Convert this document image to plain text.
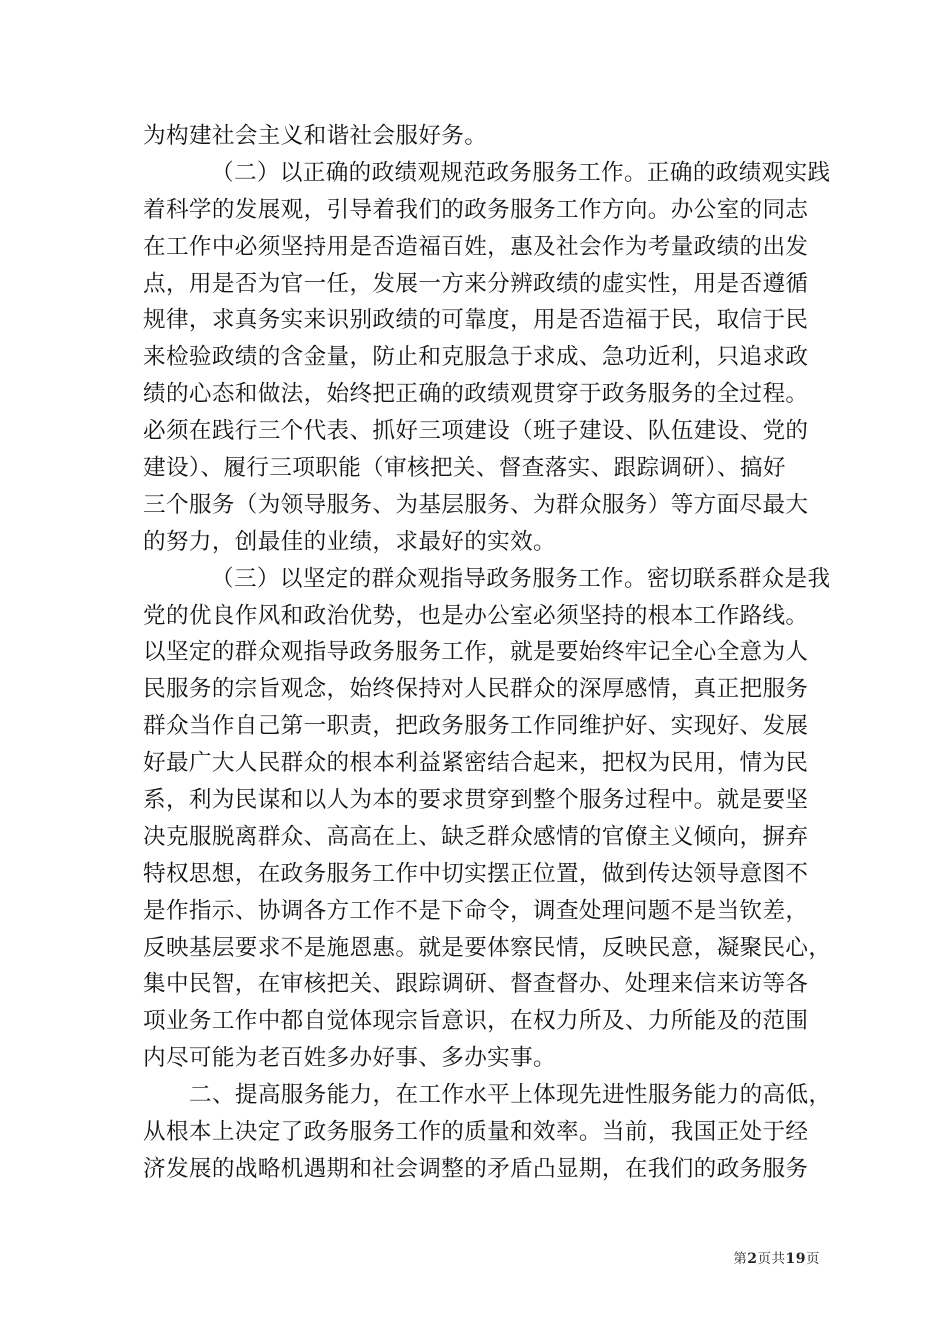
为构建社会主义和谐社会服好务。
（二）以正确的政绩观规范政务服务工作。正确的政绩观实践
着科学的发展观，引导着我们的政务服务工作方向。办公室的同志
在工作中必须坚持用是否造福百姓，惠及社会作为考量政绩的出发
点，用是否为官一任，发展一方来分辨政绩的虚实性，用是否遵循
规律，求真务实来识别政绩的可靠度，用是否造福于民，取信于民
来检验政绩的含金量，防止和克服急于求成、急功近利，只追求政
绩的心态和做法，始终把正确的政绩观贯穿于政务服务的全过程。
必须在践行三个代表、抓好三项建设（班子建设、队伍建设、党的
建设）、履行三项职能（审核把关、督查落实、跟踪调研）、搞好
三个服务（为领导服务、为基层服务、为群众服务）等方面尽最大
的努力，创最佳的业绩，求最好的实效。
（三）以坚定的群众观指导政务服务工作。密切联系群众是我
党的优良作风和政治优势，也是办公室必须坚持的根本工作路线。
以坚定的群众观指导政务服务工作，就是要始终牢记全心全意为人
民服务的宗旨观念，始终保持对人民群众的深厚感情，真正把服务
群众当作自己第一职责，把政务服务工作同维护好、实现好、发展
好最广大人民群众的根本利益紧密结合起来，把权为民用，情为民
系，利为民谋和以人为本的要求贯穿到整个服务过程中。就是要坚
决克服脱离群众、高高在上、缺乏群众感情的官僚主义倾向，摒弃
特权思想，在政务服务工作中切实摆正位置，做到传达领导意图不
是作指示、协调各方工作不是下命令，调查处理问题不是当钦差，
反映基层要求不是施恩惠。就是要体察民情，反映民意，凝聚民心，
集中民智，在审核把关、跟踪调研、督查督办、处理来信来访等各
项业务工作中都自觉体现宗旨意识，在权力所及、力所能及的范围
内尽可能为老百姓多办好事、多办实事。
二、提高服务能力，在工作水平上体现先进性服务能力的高低，
从根本上决定了政务服务工作的质量和效率。当前，我国正处于经
济发展的战略机遇期和社会调整的矛盾凸显期，在我们的政务服务
第2页共19页
